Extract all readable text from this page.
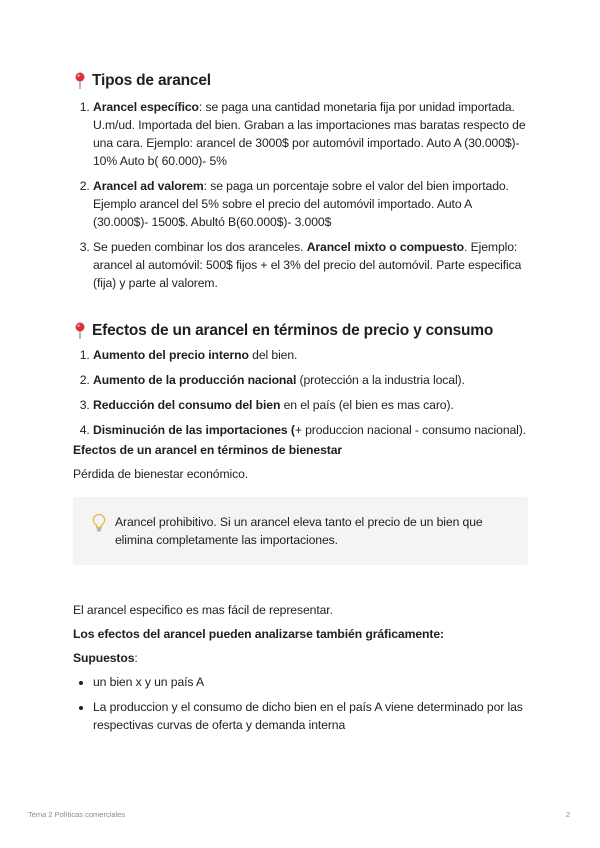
Tipos de arancel
1. Arancel específico: se paga una cantidad monetaria fija por unidad importada. U.m/ud. Importada del bien. Graban a las importaciones mas baratas respecto de una cara. Ejemplo: arancel de 3000$ por automóvil importado. Auto A (30.000$)- 10% Auto b( 60.000)- 5%
2. Arancel ad valorem: se paga un porcentaje sobre el valor del bien importado. Ejemplo arancel del 5% sobre el precio del automóvil importado. Auto A (30.000$)- 1500$. Abultó B(60.000$)- 3.000$
3. Se pueden combinar los dos aranceles. Arancel mixto o compuesto. Ejemplo: arancel al automóvil: 500$ fijos + el 3% del precio del automóvil. Parte especifica (fija) y parte al valorem.
Efectos de un arancel en términos de precio y consumo
1. Aumento del precio interno del bien.
2. Aumento de la producción nacional (protección a la industria local).
3. Reducción del consumo del bien en el país (el bien es mas caro).
4. Disminución de las importaciones (+ produccion nacional - consumo nacional).

Efectos de un arancel en términos de bienestar

Pérdida de bienestar económico.

Arancel prohibitivo. Si un arancel eleva tanto el precio de un bien que elimina completamente las importaciones.

El arancel especifico es mas fácil de representar.

Los efectos del arancel pueden analizarse también gráficamente:

Supuestos:

• un bien x y un país A
• La produccion y el consumo de dicho bien en el país A viene determinado por las respectivas curvas de oferta y demanda interna
Tema 2 Políticas comerciales	2
